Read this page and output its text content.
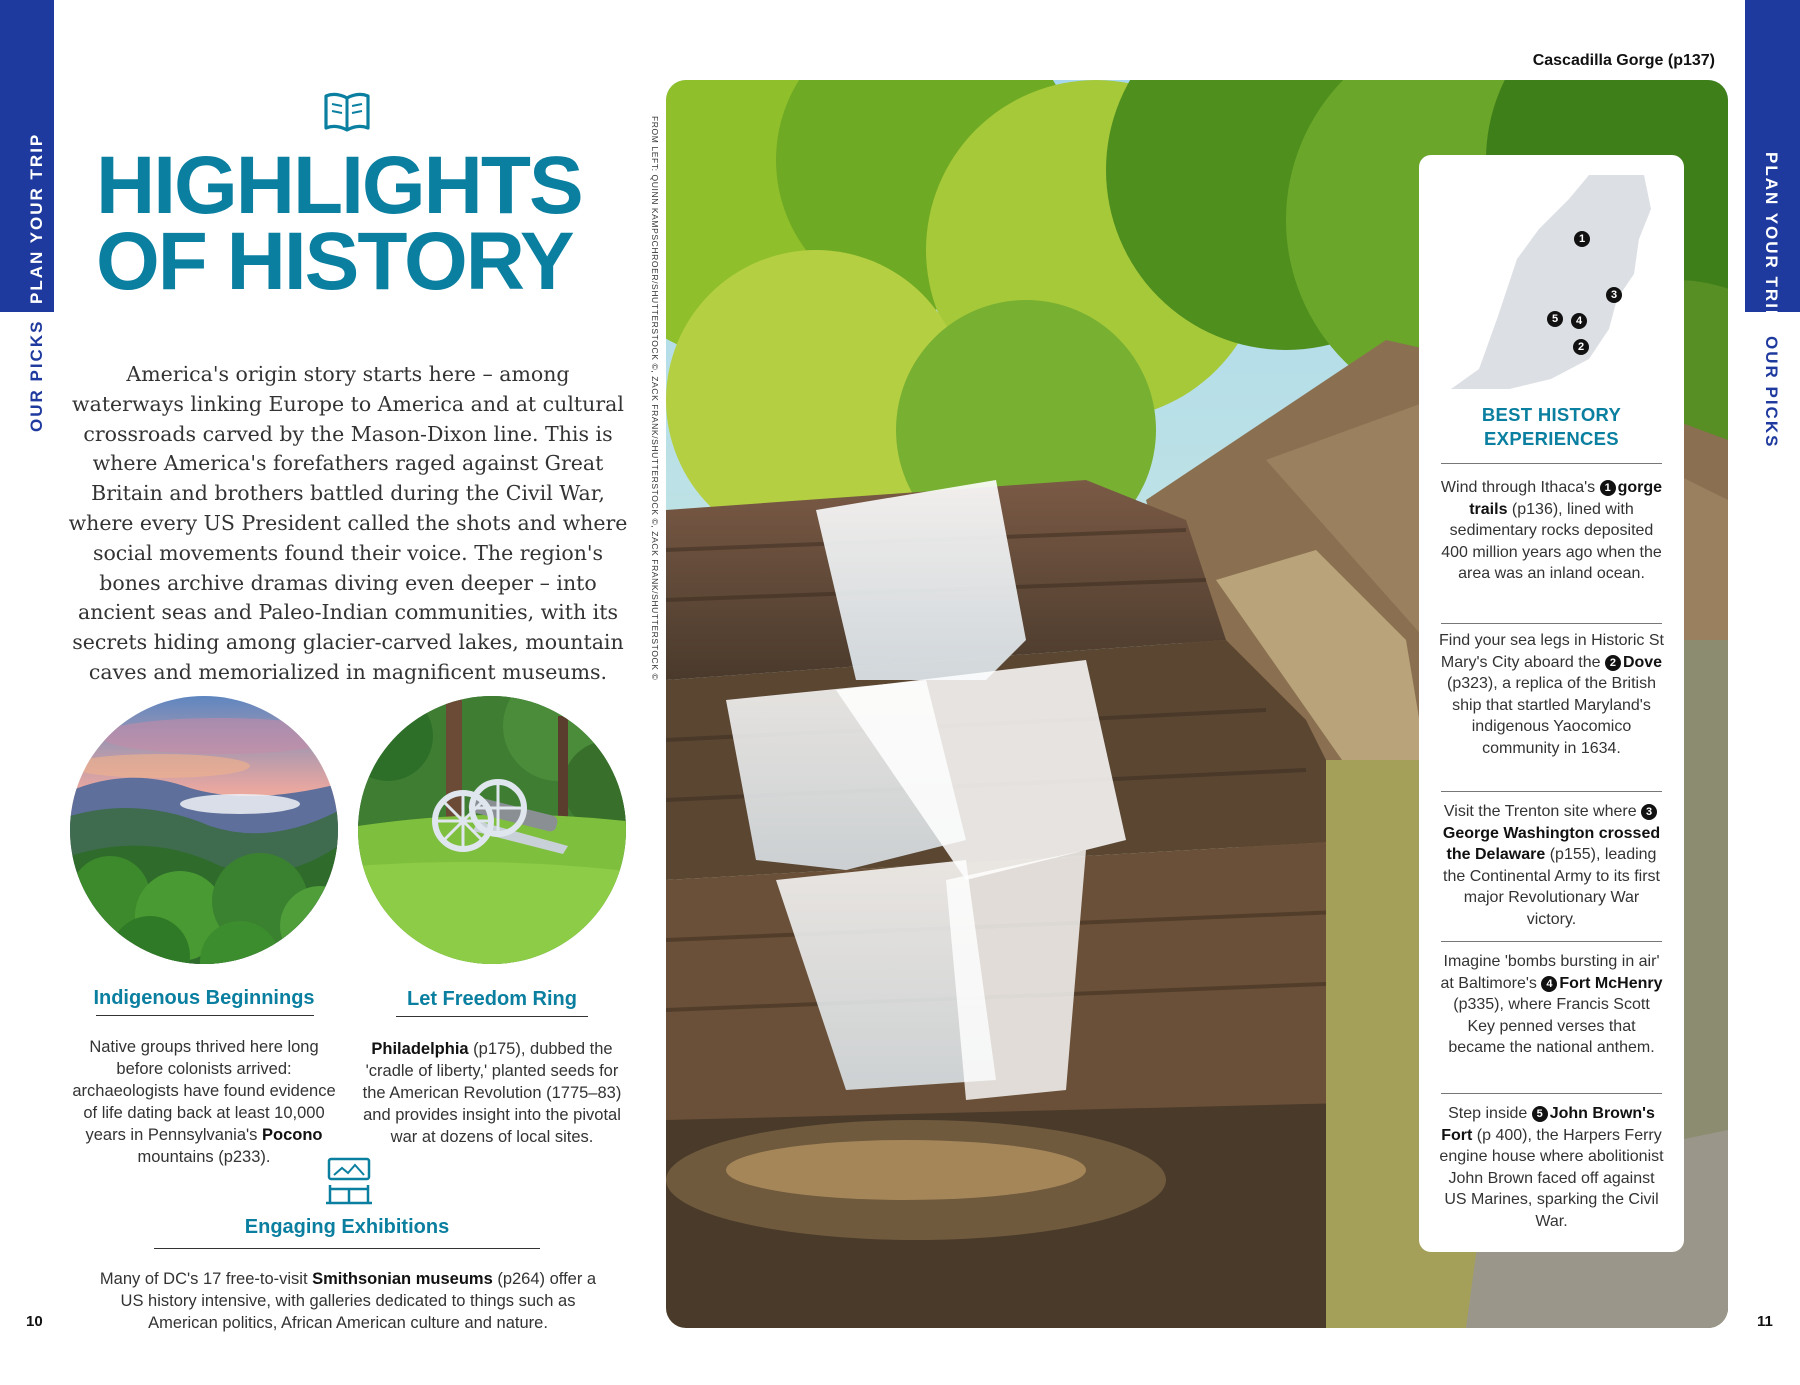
PLAN YOUR TRIP
OUR PICKS
PLAN YOUR TRIP
OUR PICKS
HIGHLIGHTS
OF HISTORY
America's origin story starts here – among waterways linking Europe to America and at cultural crossroads carved by the Mason-Dixon line. This is where America's forefathers raged against Great Britain and brothers battled during the Civil War, where every US President called the shots and where social movements found their voice. The region's bones archive dramas diving even deeper – into ancient seas and Paleo-Indian communities, with its secrets hiding among glacier-carved lakes, mountain caves and memorialized in magnificent museums.
Indigenous Beginnings
Native groups thrived here long before colonists arrived: archaeologists have found evidence of life dating back at least 10,000 years in Pennsylvania's Pocono mountains (p233).
Let Freedom Ring
Philadelphia (p175), dubbed the 'cradle of liberty,' planted seeds for the American Revolution (1775–83) and provides insight into the pivotal war at dozens of local sites.
Engaging Exhibitions
Many of DC's 17 free-to-visit Smithsonian museums (p264) offer a US history intensive, with galleries dedicated to things such as American politics, African American culture and nature.
10	11
FROM LEFT: QUINN KAMPSCHROER/SHUTTERSTOCK ©, ZACK FRANK/SHUTTERSTOCK ©, ZACK FRANK/SHUTTERSTOCK ©
Cascadilla Gorge (p137)
1
3
5	4
2
BEST HISTORY
EXPERIENCES
Wind through Ithaca's 1 gorge trails (p136), lined with sedimentary rocks deposited 400 million years ago when the area was an inland ocean.
Find your sea legs in Historic St Mary's City aboard the 2 Dove (p323), a replica of the British ship that startled Maryland's indigenous Yaocomico community in 1634.
Visit the Trenton site where 3George Washington crossed the Delaware (p155), leading the Continental Army to its first major Revolutionary War victory.
Imagine 'bombs bursting in air' at Baltimore's 4 Fort McHenry (p335), where Francis Scott Key penned verses that became the national anthem.
Step inside 5 John Brown's Fort (p 400), the Harpers Ferry engine house where abolitionist John Brown faced off against US Marines, sparking the Civil War.
